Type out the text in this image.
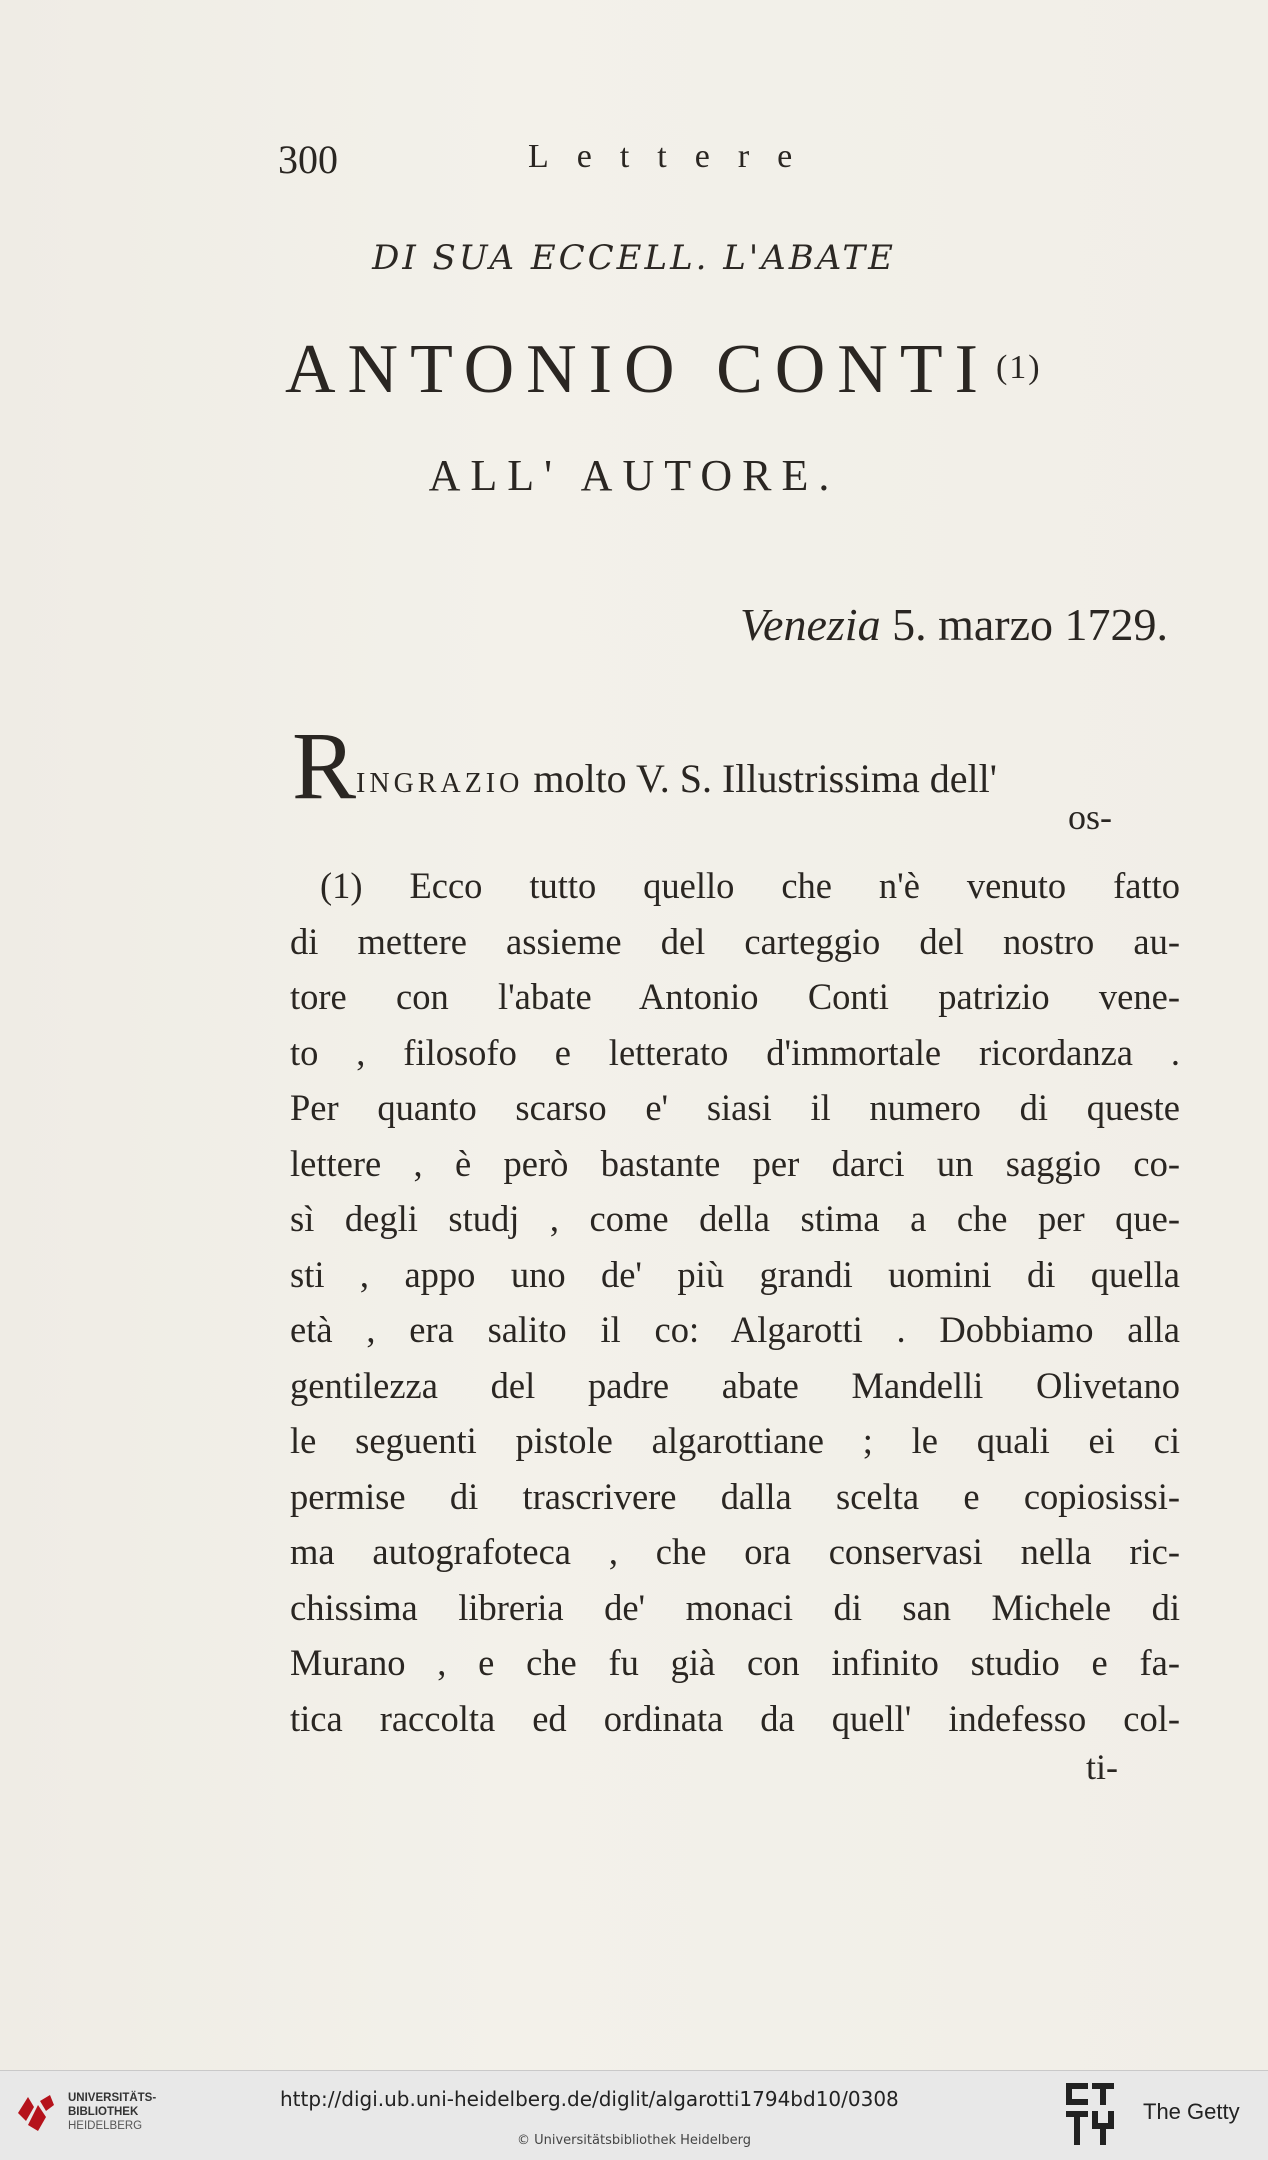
300	Lettere
DI SUA ECCELL. L'ABATE
ANTONIO CONTI $^{(1)}$
ALL' AUTORE.
Venezia 5. marzo 1729.
RINGRAZIO molto V. S. Illustrissima dell'
os-
(1) Ecco tutto quello che n'è venuto fatto
di mettere assieme del carteggio del nostro au-
tore con l'abate Antonio Conti patrizio vene-
to , filosofo e letterato d'immortale ricordanza .
Per quanto scarso e' siasi il numero di queste
lettere , è però bastante per darci un saggio co-
sì degli studj , come della stima a che per que-
sti , appo uno de' più grandi uomini di quella
età , era salito il co: Algarotti . Dobbiamo alla
gentilezza del padre abate Mandelli Olivetano
le seguenti pistole algarottiane ; le quali ei ci
permise di trascrivere dalla scelta e copiosissi-
ma autografoteca , che ora conservasi nella ric-
chissima libreria de' monaci di san Michele di
Murano , e che fu già con infinito studio e fa-
tica raccolta ed ordinata da quell' indefesso col-
ti-
UNIVERSITÄTS-
BIBLIOTHEK
HEIDELBERG
http://digi.ub.uni-heidelberg.de/diglit/algarotti1794bd10/0308
© Universitätsbibliothek Heidelberg
The Getty
